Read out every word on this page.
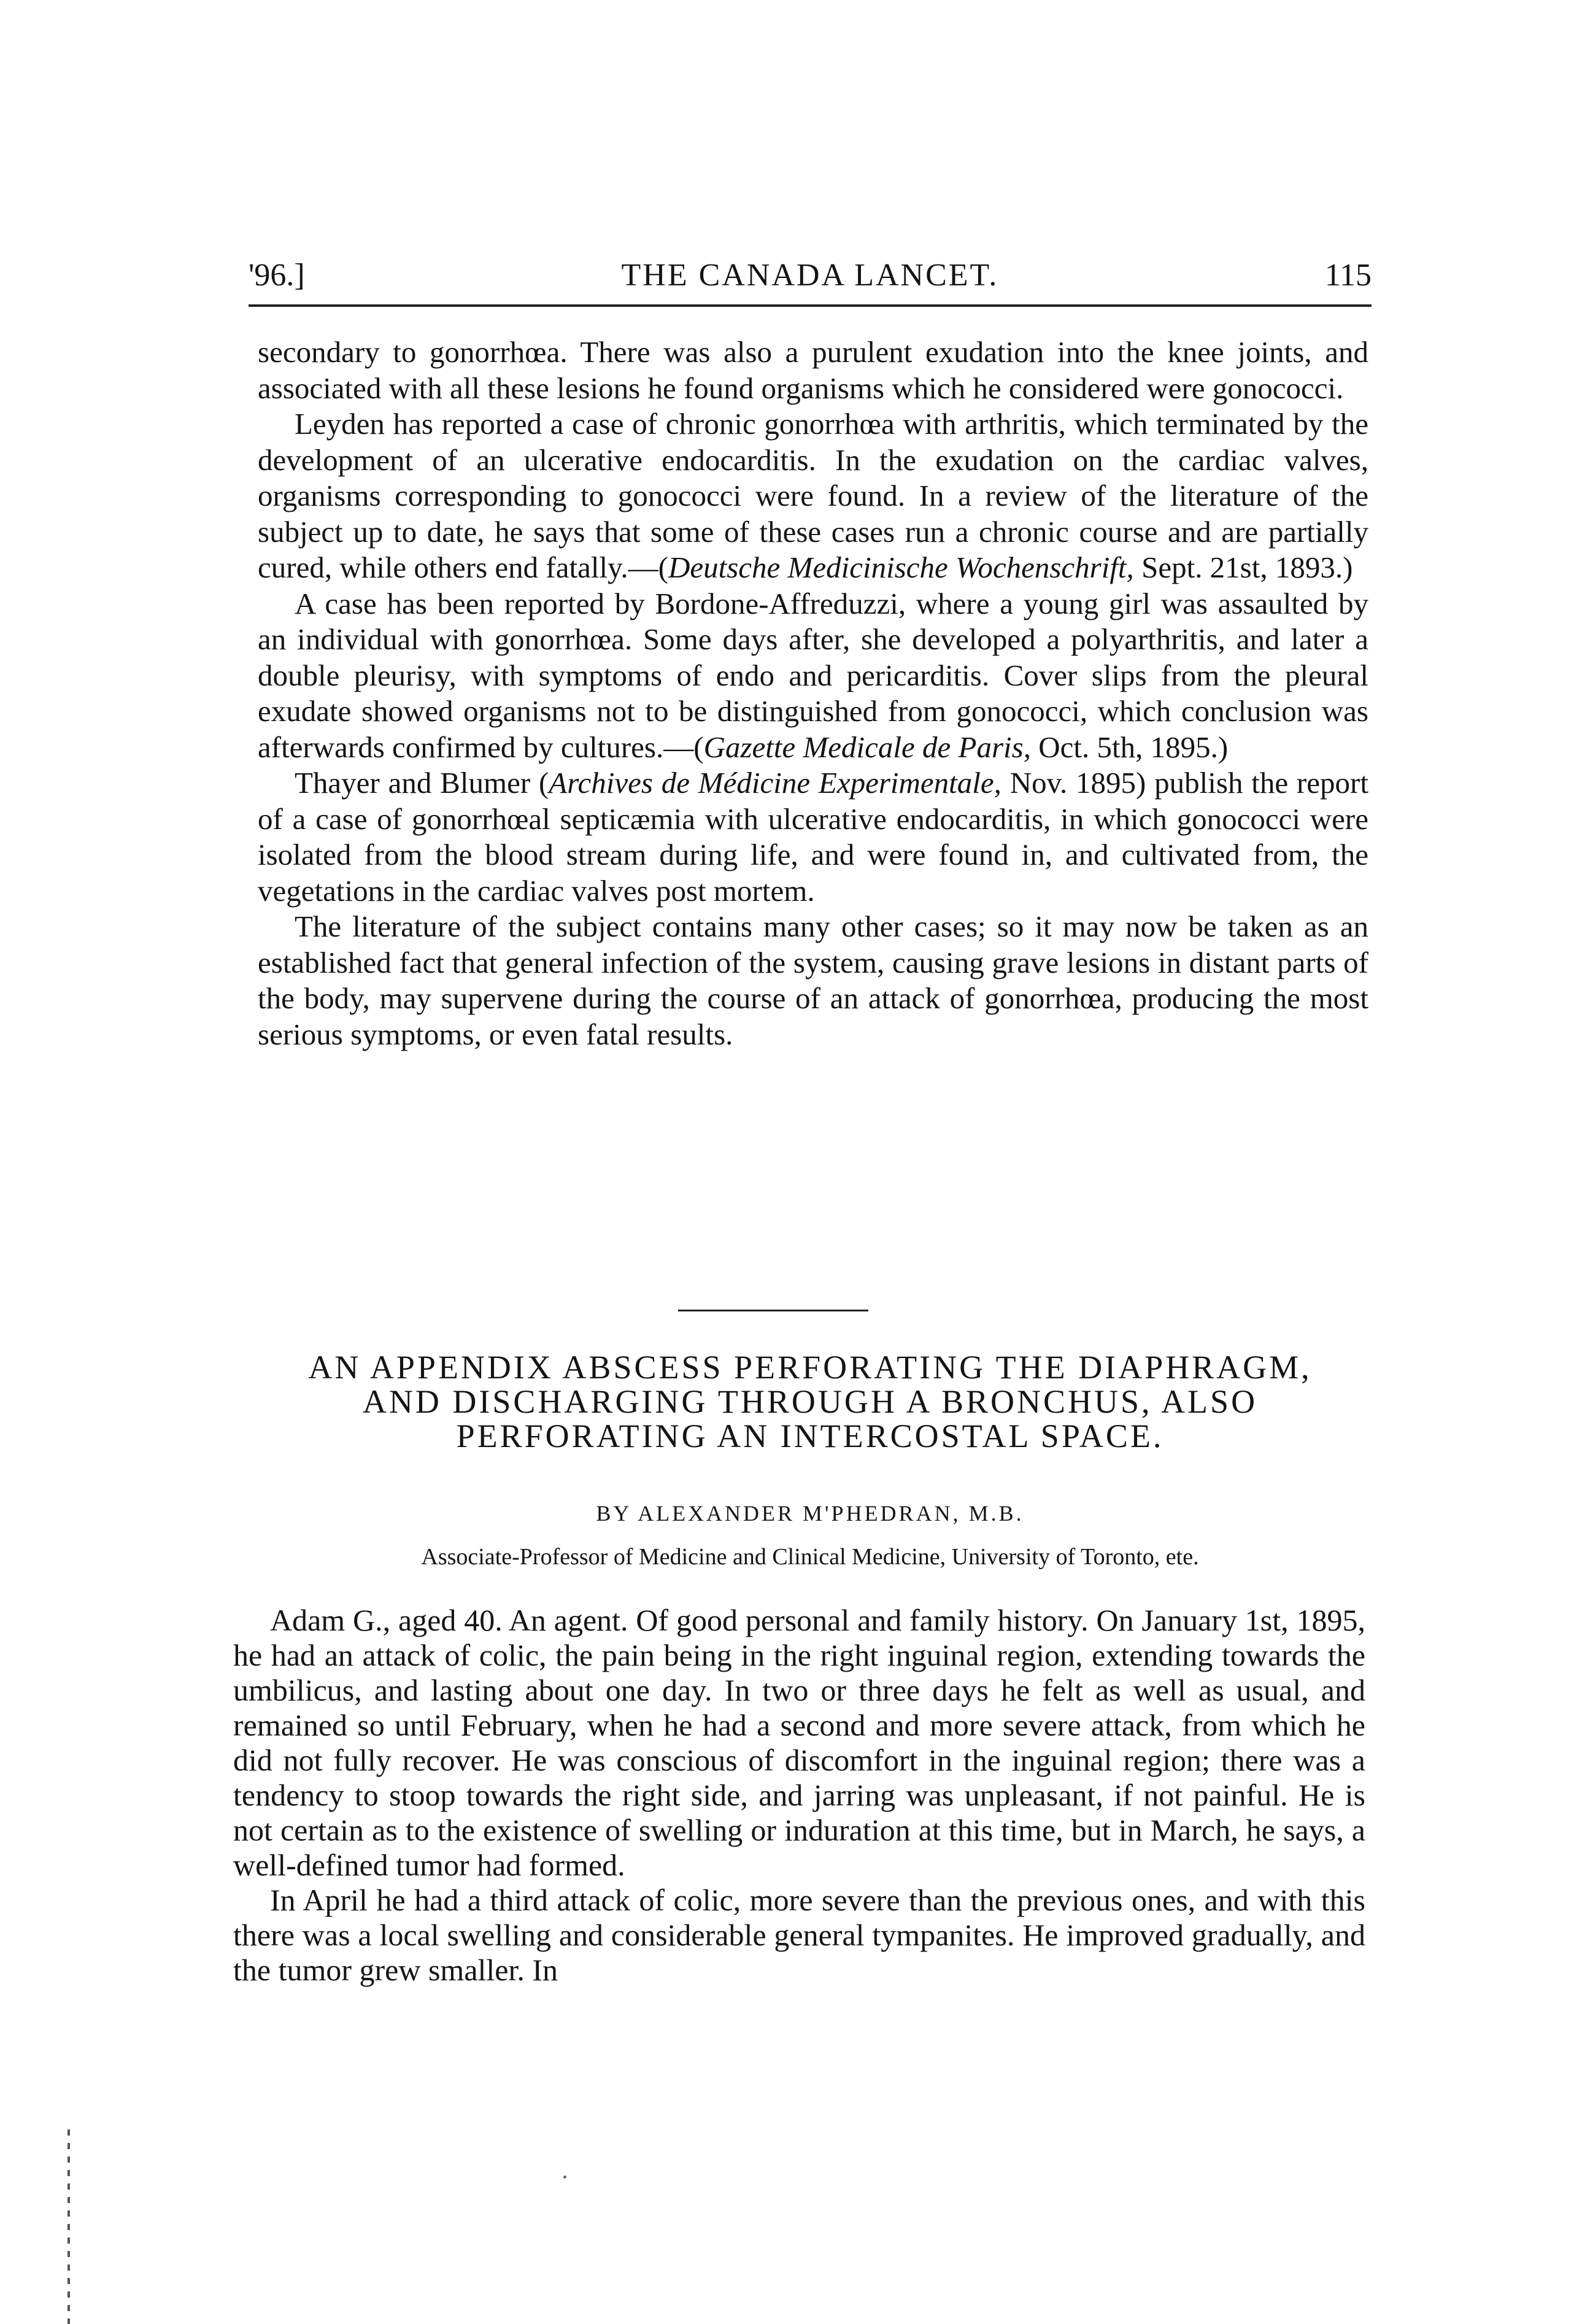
'96.]	THE CANADA LANCET.	115

secondary to gonorrhœa. There was also a purulent exudation into the knee joints, and associated with all these lesions he found organisms which he considered were gonococci.

Leyden has reported a case of chronic gonorrhœa with arthritis, which terminated by the development of an ulcerative endocarditis. In the exudation on the cardiac valves, organisms corresponding to gonococci were found. In a review of the literature of the subject up to date, he says that some of these cases run a chronic course and are partially cured, while others end fatally.—(Deutsche Medicinische Wochenschrift, Sept. 21st, 1893.)

A case has been reported by Bordone-Affreduzzi, where a young girl was assaulted by an individual with gonorrhœa. Some days after, she developed a polyarthritis, and later a double pleurisy, with symptoms of endo and pericarditis. Cover slips from the pleural exudate showed organisms not to be distinguished from gonococci, which conclusion was afterwards confirmed by cultures.—(Gazette Medicale de Paris, Oct. 5th, 1895.)

Thayer and Blumer (Archives de Médicine Experimentale, Nov. 1895) publish the report of a case of gonorrhœal septicæmia with ulcerative endocarditis, in which gonococci were isolated from the blood stream during life, and were found in, and cultivated from, the vegetations in the cardiac valves post mortem.

The literature of the subject contains many other cases; so it may now be taken as an established fact that general infection of the system, causing grave lesions in distant parts of the body, may supervene during the course of an attack of gonorrhœa, producing the most serious symptoms, or even fatal results.

AN APPENDIX ABSCESS PERFORATING THE DIAPHRAGM,
AND DISCHARGING THROUGH A BRONCHUS, ALSO
PERFORATING AN INTERCOSTAL SPACE.
BY ALEXANDER M'PHEDRAN, M.B.
Associate-Professor of Medicine and Clinical Medicine, University of Toronto, ete.

Adam G., aged 40. An agent. Of good personal and family history. On January 1st, 1895, he had an attack of colic, the pain being in the right inguinal region, extending towards the umbilicus, and lasting about one day. In two or three days he felt as well as usual, and remained so until February, when he had a second and more severe attack, from which he did not fully recover. He was conscious of discomfort in the inguinal region; there was a tendency to stoop towards the right side, and jarring was unpleasant, if not painful. He is not certain as to the existence of swelling or induration at this time, but in March, he says, a well-defined tumor had formed.

In April he had a third attack of colic, more severe than the previous ones, and with this there was a local swelling and considerable general tympanites. He improved gradually, and the tumor grew smaller. In
